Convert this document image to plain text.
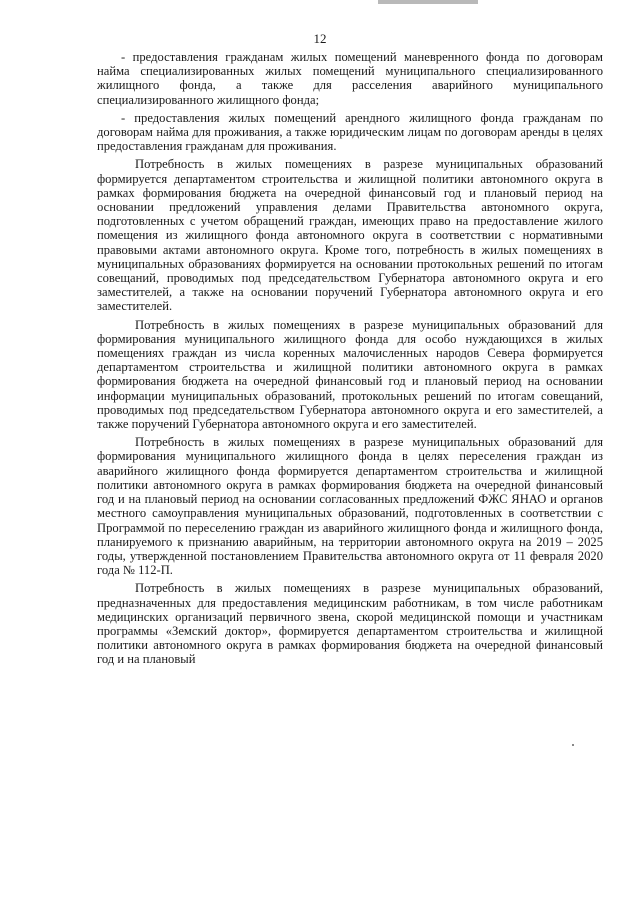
12

- предоставления гражданам жилых помещений маневренного фонда по договорам найма специализированных жилых помещений муниципального специализированного жилищного фонда, а также для расселения аварийного муниципального специализированного жилищного фонда;

- предоставления жилых помещений арендного жилищного фонда гражданам по договорам найма для проживания, а также юридическим лицам по договорам аренды в целях предоставления гражданам для проживания.

Потребность в жилых помещениях в разрезе муниципальных образований формируется департаментом строительства и жилищной политики автономного округа в рамках формирования бюджета на очередной финансовый год и плановый период на основании предложений управления делами Правительства автономного округа, подготовленных с учетом обращений граждан, имеющих право на предоставление жилого помещения из жилищного фонда автономного округа в соответствии с нормативными правовыми актами автономного округа. Кроме того, потребность в жилых помещениях в муниципальных образованиях формируется на основании протокольных решений по итогам совещаний, проводимых под председательством Губернатора автономного округа и его заместителей, а также на основании поручений Губернатора автономного округа и его заместителей.

Потребность в жилых помещениях в разрезе муниципальных образований для формирования муниципального жилищного фонда для особо нуждающихся в жилых помещениях граждан из числа коренных малочисленных народов Севера формируется департаментом строительства и жилищной политики автономного округа в рамках формирования бюджета на очередной финансовый год и плановый период на основании информации муниципальных образований, протокольных решений по итогам совещаний, проводимых под председательством Губернатора автономного округа и его заместителей, а также поручений Губернатора автономного округа и его заместителей.

Потребность в жилых помещениях в разрезе муниципальных образований для формирования муниципального жилищного фонда в целях переселения граждан из аварийного жилищного фонда формируется департаментом строительства и жилищной политики автономного округа в рамках формирования бюджета на очередной финансовый год и на плановый период на основании согласованных предложений ФЖС ЯНАО и органов местного самоуправления муниципальных образований, подготовленных в соответствии с Программой по переселению граждан из аварийного жилищного фонда и жилищного фонда, планируемого к признанию аварийным, на территории автономного округа на 2019 – 2025 годы, утвержденной постановлением Правительства автономного округа от 11 февраля 2020 года № 112-П.

Потребность в жилых помещениях в разрезе муниципальных образований, предназначенных для предоставления медицинским работникам, в том числе работникам медицинских организаций первичного звена, скорой медицинской помощи и участникам программы «Земский доктор», формируется департаментом строительства и жилищной политики автономного округа в рамках формирования бюджета на очередной финансовый год и на плановый
